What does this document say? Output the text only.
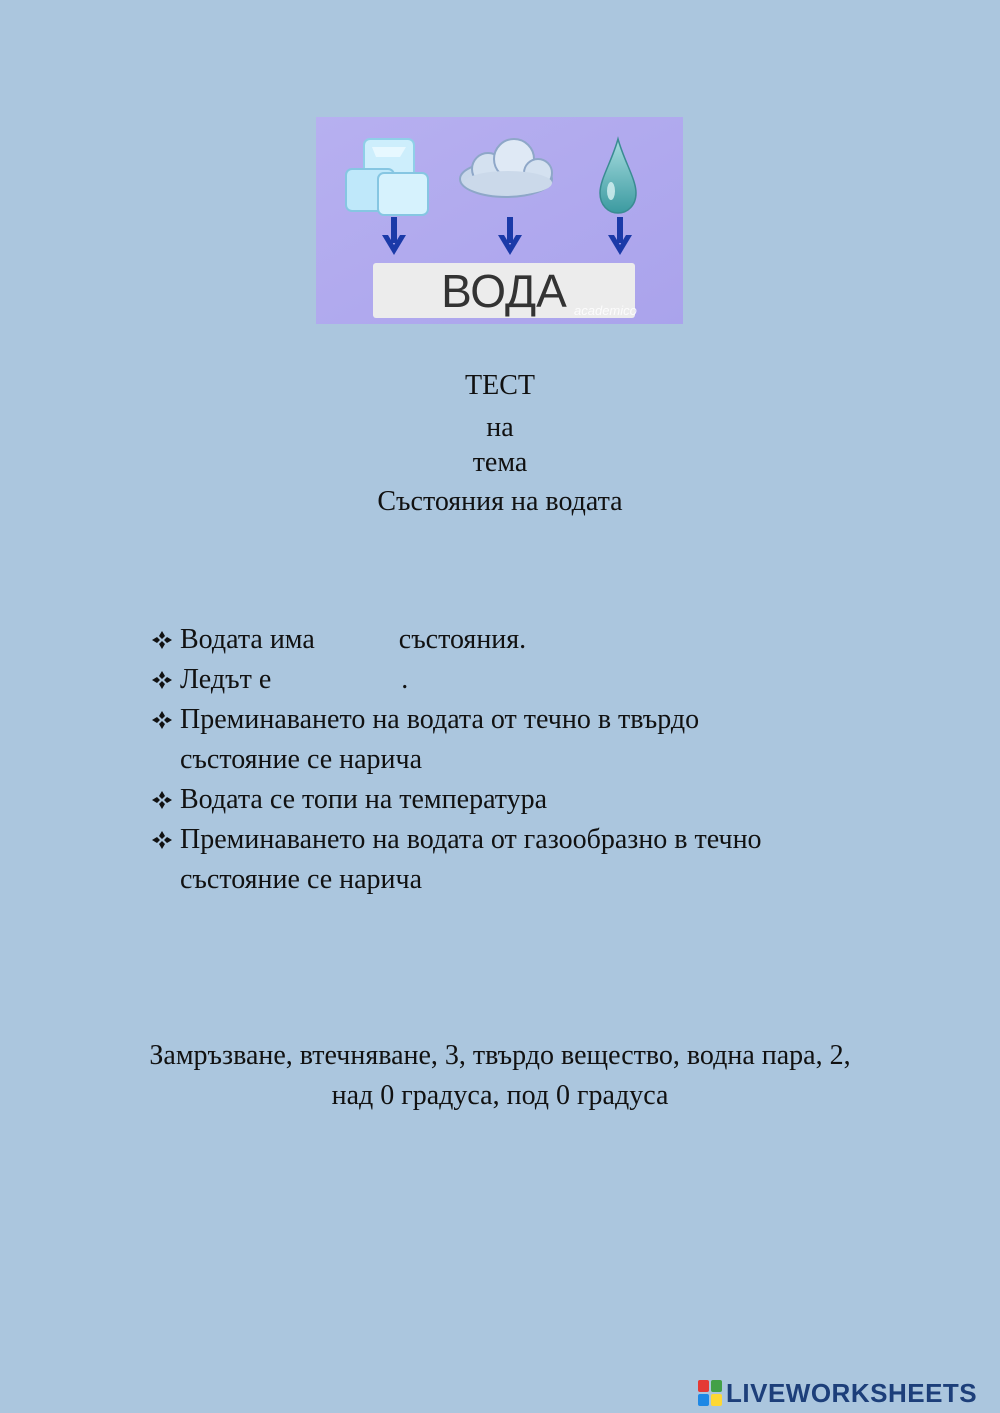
ВОДА academico
ТЕСТ
на
тема
Състояния на водата
Водата има	състояния.
Ледът е	.
Преминаването на водата от течно в твърдо
състояние се нарича
Водата се топи на температура
Преминаването на водата от газообразно в течно
състояние се нарича
Замръзване, втечняване, 3, твърдо вещество, водна пара, 2,
над 0 градуса, под 0 градуса
LIVEWORKSHEETS
